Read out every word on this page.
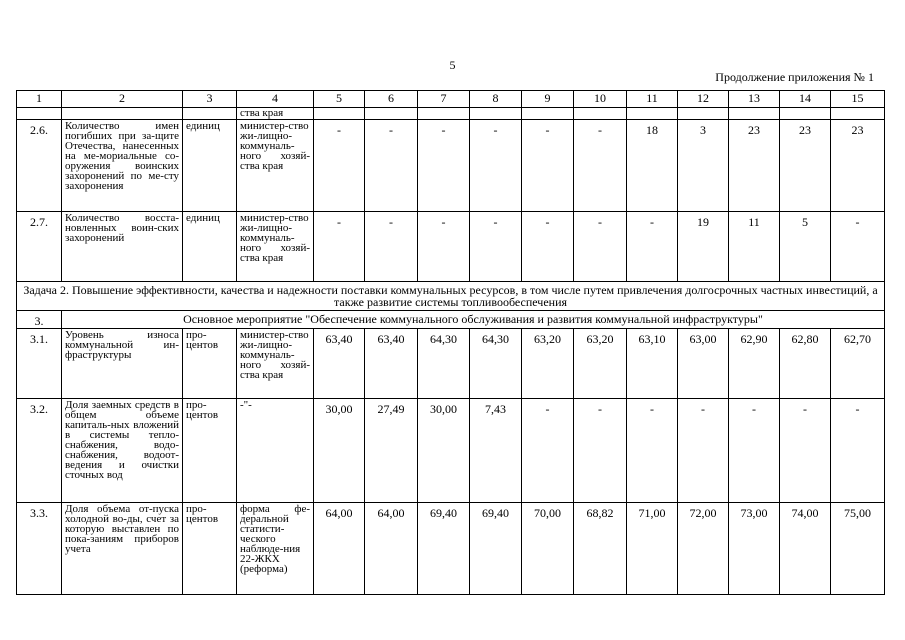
5
Продолжение приложения № 1
1	2	3	4	5	6	7	8	9	10	11	12	13	14	15
			ства края											
2.6.	Количество имен погибших при за-щите Отечества, нанесенных на ме-мориальные со-оружения воинских захоронений по ме-сту захоронения	единиц	министер-ство жи-лищно-коммуналь-ного хозяй-ства края	-	-	-	-	-	-	18	3	23	23	23
2.7.	Количество восста-новленных воин-ских захоронений	единиц	министер-ство жи-лищно-коммуналь-ного хозяй-ства края	-	-	-	-	-	-	-	19	11	5	-
Задача 2. Повышение эффективности, качества и надежности поставки коммунальных ресурсов, в том числе путем привлечения долгосрочных частных инвестиций, а также развитие системы топливообеспечения														
3.	Основное мероприятие "Обеспечение коммунального обслуживания и развития коммунальной инфраструктуры"													
3.1.	Уровень износа коммунальной ин-фраструктуры	про-центов	министер-ство жи-лищно-коммуналь-ного хозяй-ства края	63,40	63,40	64,30	64,30	63,20	63,20	63,10	63,00	62,90	62,80	62,70
3.2.	Доля заемных средств в общем объеме капиталь-ных вложений в системы тепло-снабжения, водо-снабжения, водоот-ведения и очистки сточных вод	про-центов	-"-	30,00	27,49	30,00	7,43	-	-	-	-	-	-	-
3.3.	Доля объема от-пуска холодной во-ды, счет за которую выставлен по пока-заниям приборов учета	про-центов	форма фе-деральной статисти-ческого наблюде-ния 22-ЖКХ (реформа)	64,00	64,00	69,40	69,40	70,00	68,82	71,00	72,00	73,00	74,00	75,00
